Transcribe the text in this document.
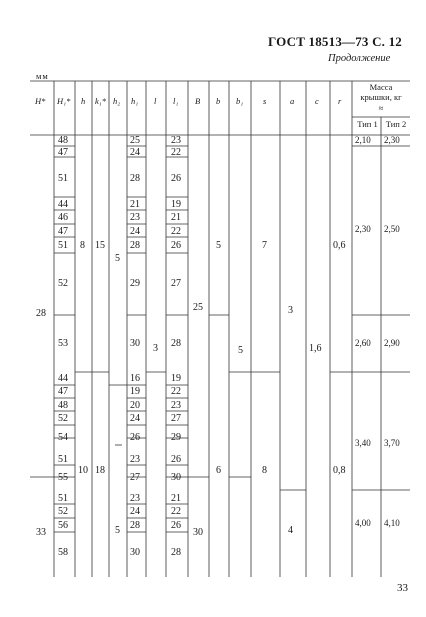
ГОСТ 18513—73 С. 12
Продолжение
мм
H* H₁* h k₁* h₂ h₁ l l₁ B b b₁ s	a c r
Масса крышки, кг
≈
Тип 1 Тип 2
48
47
51
44
46
47
51
52
53
44
47
48
52
54
51
55
51
52
56
58
25
24
28
21
23
24
28
29
30
16
19
20
24
26
23
27
23
24
28
30
23
22
26
19
21
22
26
27
28
19
22
23
27
29
26
30
21
22
26
28
28
33
8
10
15
18
5
5
3
25
30
5
5
6
7
8
3
4
1,6
0,6
0,8
2,10
2,30
2,60
3,40
4,00
2,30
2,50
2,90
3,70
4,10
33
